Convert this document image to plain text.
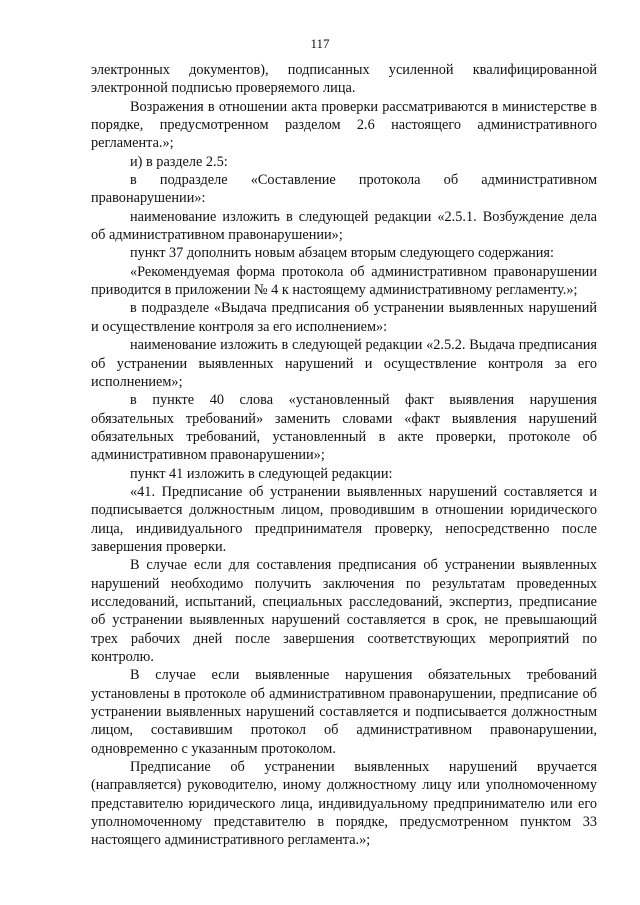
117

электронных документов), подписанных усиленной квалифицированной электронной подписью проверяемого лица.

Возражения в отношении акта проверки рассматриваются в министерстве в порядке, предусмотренном разделом 2.6 настоящего административного регламента.»;

и) в разделе 2.5:

в подразделе «Составление протокола об административном правонарушении»:

наименование изложить в следующей редакции «2.5.1. Возбуждение дела об административном правонарушении»;

пункт 37 дополнить новым абзацем вторым следующего содержания:

«Рекомендуемая форма протокола об административном правонарушении приводится в приложении № 4 к настоящему административному регламенту.»;

в подразделе «Выдача предписания об устранении выявленных нарушений и осуществление контроля за его исполнением»:

наименование изложить в следующей редакции «2.5.2. Выдача предписания об устранении выявленных нарушений и осуществление контроля за его исполнением»;

в пункте 40 слова «установленный факт выявления нарушения обязательных требований» заменить словами «факт выявления нарушений обязательных требований, установленный в акте проверки, протоколе об административном правонарушении»;

пункт 41 изложить в следующей редакции:

«41. Предписание об устранении выявленных нарушений составляется и подписывается должностным лицом, проводившим в отношении юридического лица, индивидуального предпринимателя проверку, непосредственно после завершения проверки.

В случае если для составления предписания об устранении выявленных нарушений необходимо получить заключения по результатам проведенных исследований, испытаний, специальных расследований, экспертиз, предписание об устранении выявленных нарушений составляется в срок, не превышающий трех рабочих дней после завершения соответствующих мероприятий по контролю.

В случае если выявленные нарушения обязательных требований установлены в протоколе об административном правонарушении, предписание об устранении выявленных нарушений составляется и подписывается должностным лицом, составившим протокол об административном правонарушении, одновременно с указанным протоколом.

Предписание об устранении выявленных нарушений вручается (направляется) руководителю, иному должностному лицу или уполномоченному представителю юридического лица, индивидуальному предпринимателю или его уполномоченному представителю в порядке, предусмотренном пунктом 33 настоящего административного регламента.»;
